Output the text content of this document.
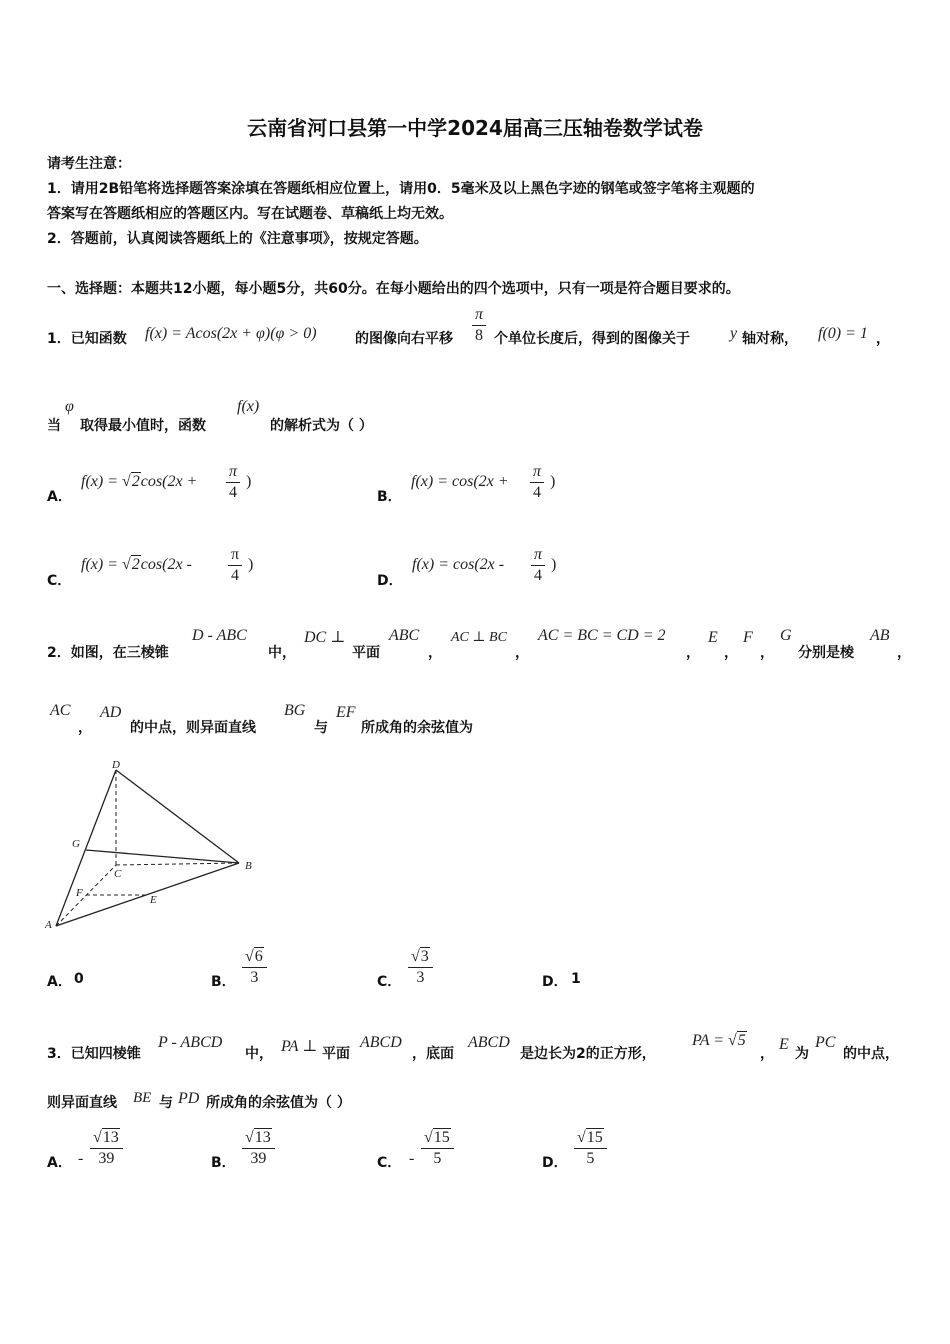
云南省河口县第一中学2024届高三压轴卷数学试卷
请考生注意：
1．请用2B铅笔将选择题答案涂填在答题纸相应位置上，请用0．5毫米及以上黑色字迹的钢笔或签字笔将主观题的
答案写在答题纸相应的答题区内。写在试题卷、草稿纸上均无效。
2．答题前，认真阅读答题纸上的《注意事项》，按规定答题。
一、选择题：本题共12小题，每小题5分，共60分。在每小题给出的四个选项中，只有一项是符合题目要求的。
1．已知函数 f(x) = Acos(2x + φ)(φ > 0)	的图像向右平移 $\frac{\pi}{8}$ 个单位长度后，得到的图像关于	y 轴对称， f(0) = 1 ，
当
φ
取得最小值时，函数
f(x)
的解析式为（ ）
A．
$f(x) = √2\cos(2x + \frac{\pi}{4}$ )
B．
$f(x) = \cos(2x + \frac{\pi}{4}$ )
C．
$f(x) = √2\cos(2x - \frac{\pi}{4}$ )
D．
$f(x) = \cos(2x - \frac{\pi}{4}$ )
2．如图，在三棱锥
D - ABC
中，
DC ⊥
平面
ABC
，
AC ⊥ BC
，
AC = BC = CD = 2
，
E
，
F
，
G
分别是棱
AB
，
AC
，
AD
的中点，则异面直线
BG
与
EF
所成角的余弦值为
D
G
C
B
F
E
A
A． 0	B． $\frac{√6}{3}$	C． $\frac{√3}{3}$	D． 1
3．已知四棱锥
P - ABCD
中， PA ⊥ 平面
ABCD
，底面
ABCD
是边长为2的正方形，
PA = √5
，
E
为
PC
的中点，
则异面直线 BE 与 PD 所成角的余弦值为（ ）
A． - $\frac{√13}{39}$	B． $\frac{√13}{39}$	C． - $\frac{√15}{5}$	D． $\frac{√15}{5}$
